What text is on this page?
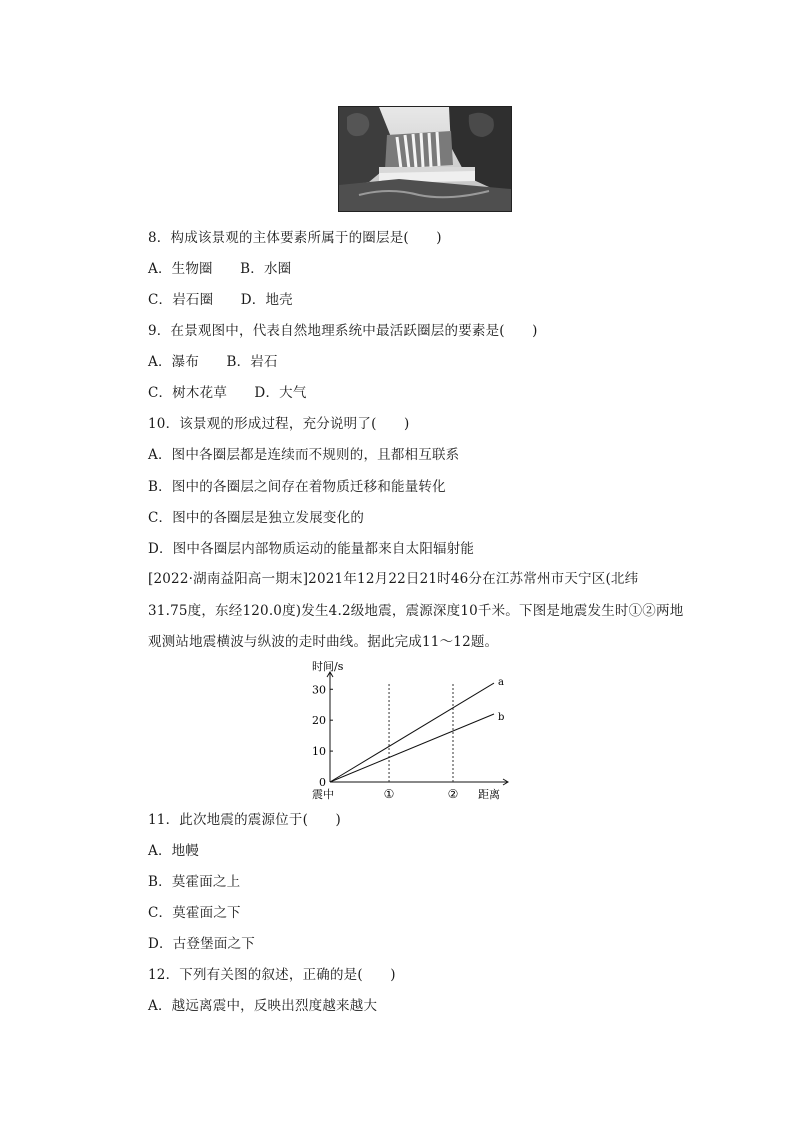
8．构成该景观的主体要素所属于的圈层是(　　)
A．生物圈　　B．水圈
C．岩石圈　　D．地壳
9．在景观图中，代表自然地理系统中最活跃圈层的要素是(　　)
A．瀑布　　B．岩石
C．树木花草　　D．大气
10．该景观的形成过程，充分说明了(　　)
A．图中各圈层都是连续而不规则的，且都相互联系
B．图中的各圈层之间存在着物质迁移和能量转化
C．图中的各圈层是独立发展变化的
D．图中各圈层内部物质运动的能量都来自太阳辐射能
[2022·湖南益阳高一期末]2021年12月22日21时46分在江苏常州市天宁区(北纬
31.75度，东经120.0度)发生4.2级地震，震源深度10千米。下图是地震发生时①②两地
观测站地震横波与纵波的走时曲线。据此完成11～12题。
时间/s
距离
震中
0
10
20
30
①	②
a
b
11．此次地震的震源位于(　　)
A．地幔
B．莫霍面之上
C．莫霍面之下
D．古登堡面之下
12．下列有关图的叙述，正确的是(　　)
A．越远离震中，反映出烈度越来越大
